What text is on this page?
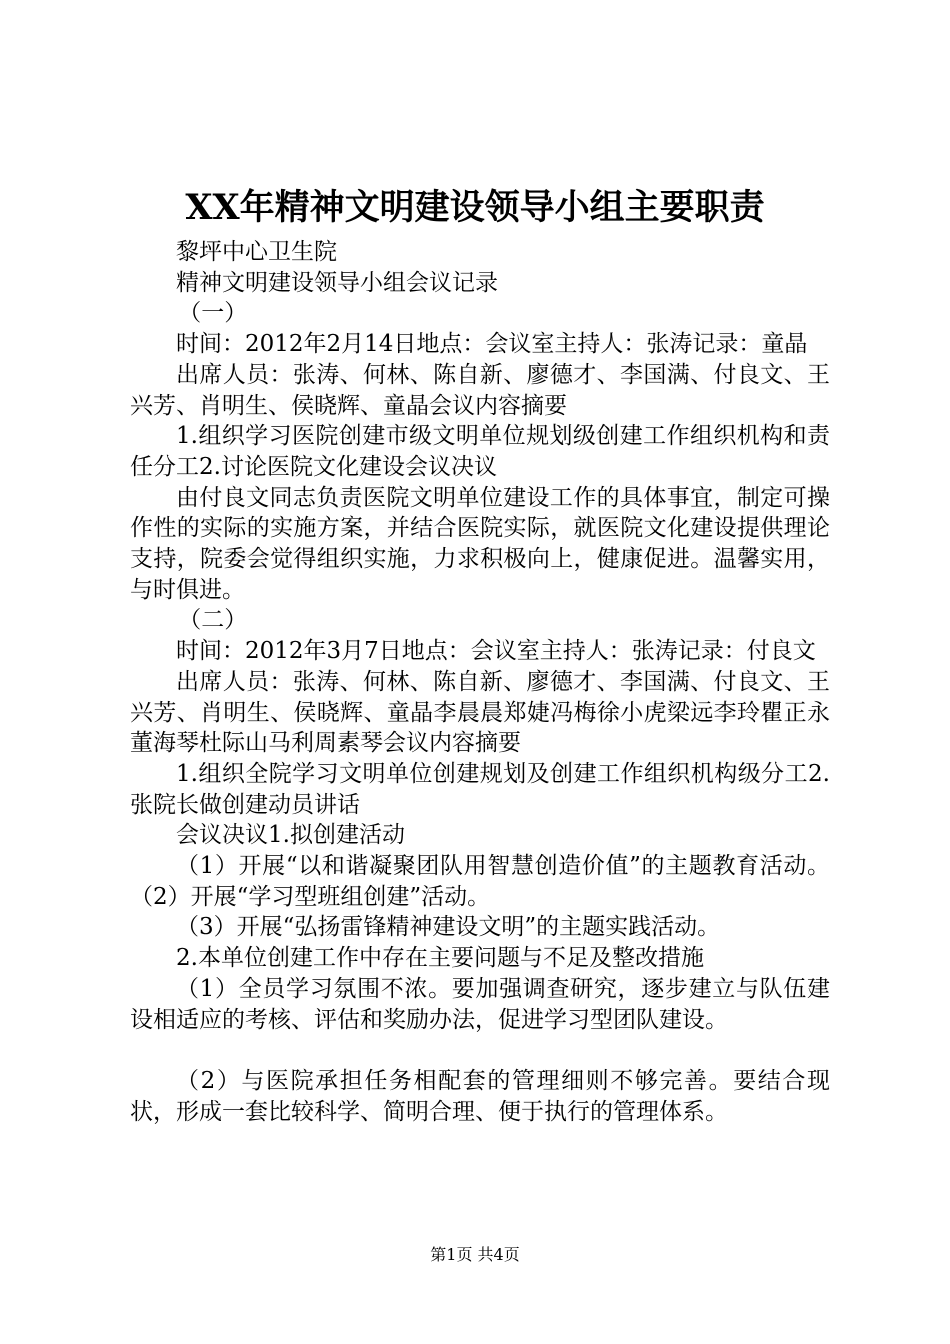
XX年精神文明建设领导小组主要职责

黎坪中心卫生院

精神文明建设领导小组会议记录

（一）

时间：2012年2月14日地点：会议室主持人：张涛记录：童晶

出席人员：张涛、何林、陈自新、廖德才、李国满、付良文、王兴芳、肖明生、侯晓辉、童晶会议内容摘要

1.组织学习医院创建市级文明单位规划级创建工作组织机构和责任分工2.讨论医院文化建设会议决议

由付良文同志负责医院文明单位建设工作的具体事宜，制定可操作性的实际的实施方案，并结合医院实际，就医院文化建设提供理论支持，院委会觉得组织实施，力求积极向上，健康促进。温馨实用，与时俱进。

（二）

时间：2012年3月7日地点：会议室主持人：张涛记录：付良文

出席人员：张涛、何林、陈自新、廖德才、李国满、付良文、王兴芳、肖明生、侯晓辉、童晶李晨晨郑婕冯梅徐小虎梁远李玲瞿正永董海琴杜际山马利周素琴会议内容摘要

1.组织全院学习文明单位创建规划及创建工作组织机构级分工2.张院长做创建动员讲话

会议决议1.拟创建活动

（1）开展“以和谐凝聚团队用智慧创造价值”的主题教育活动。（2）开展“学习型班组创建”活动。

（3）开展“弘扬雷锋精神建设文明”的主题实践活动。

2.本单位创建工作中存在主要问题与不足及整改措施

（1）全员学习氛围不浓。要加强调查研究，逐步建立与队伍建设相适应的考核、评估和奖励办法，促进学习型团队建设。

（2）与医院承担任务相配套的管理细则不够完善。要结合现状，形成一套比较科学、简明合理、便于执行的管理体系。

第1页 共4页
